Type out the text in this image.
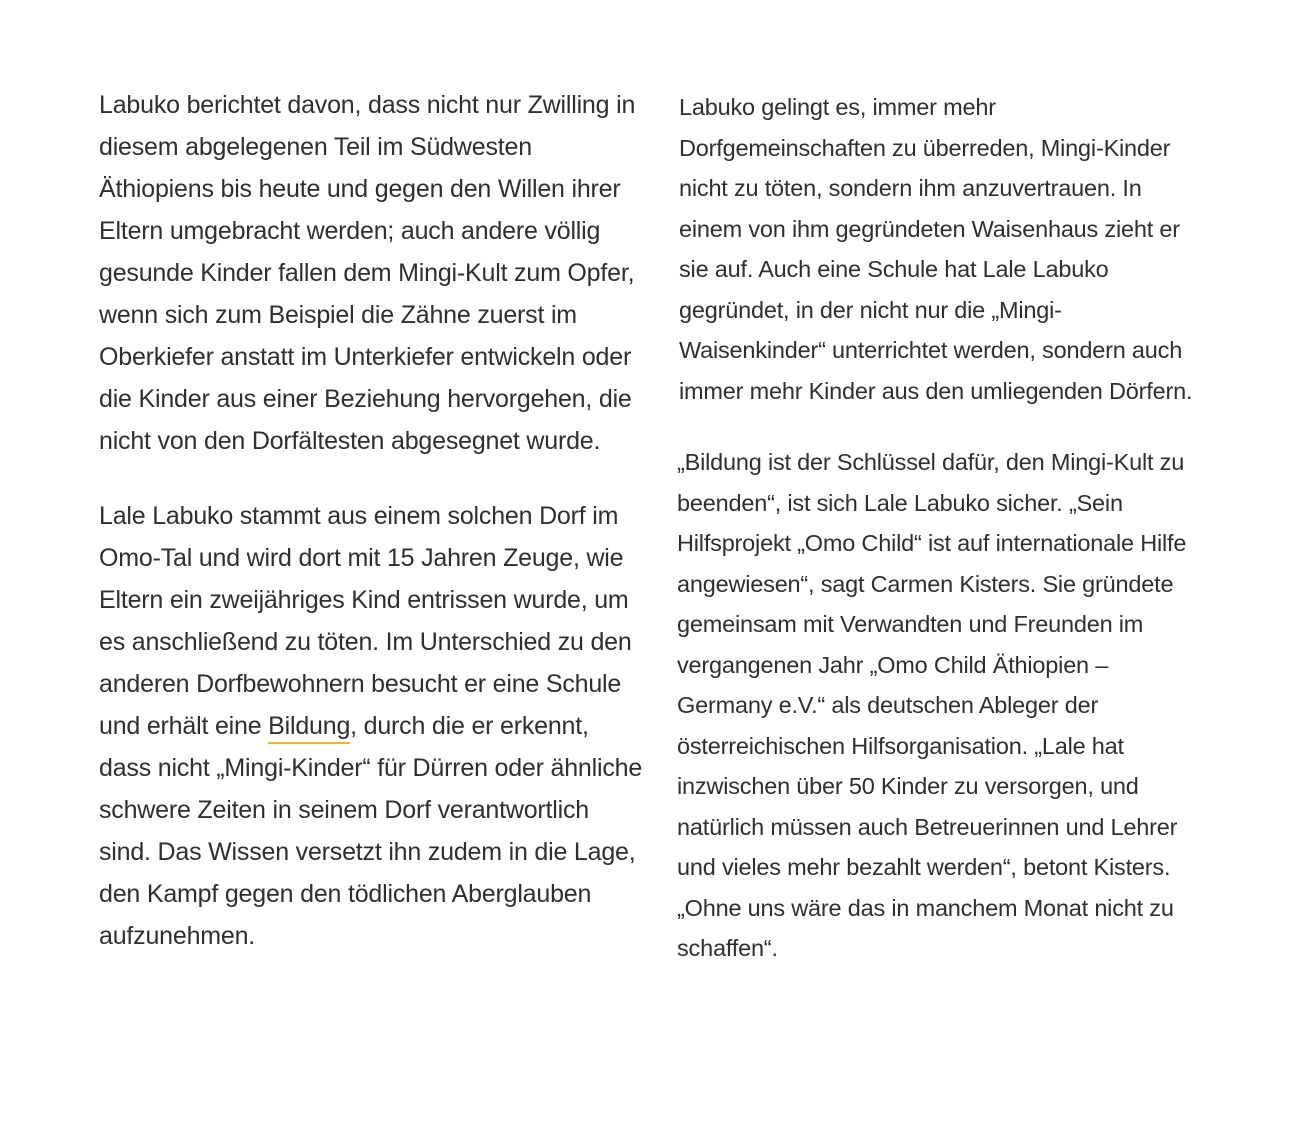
Labuko berichtet davon, dass nicht nur Zwilling in diesem abgelegenen Teil im Südwesten Äthiopiens bis heute und gegen den Willen ihrer Eltern umgebracht werden; auch andere völlig gesunde Kinder fallen dem Mingi-Kult zum Opfer, wenn sich zum Beispiel die Zähne zuerst im Oberkiefer anstatt im Unterkiefer entwickeln oder die Kinder aus einer Beziehung hervorgehen, die nicht von den Dorfältesten abgesegnet wurde.

Lale Labuko stammt aus einem solchen Dorf im Omo-Tal und wird dort mit 15 Jahren Zeuge, wie Eltern ein zweijähriges Kind entrissen wurde, um es anschließend zu töten. Im Unterschied zu den anderen Dorfbewohnern besucht er eine Schule und erhält eine Bildung, durch die er erkennt, dass nicht „Mingi-Kinder“ für Dürren oder ähnliche schwere Zeiten in seinem Dorf verantwortlich sind. Das Wissen versetzt ihn zudem in die Lage, den Kampf gegen den tödlichen Aberglauben aufzunehmen.

Labuko gelingt es, immer mehr Dorfgemeinschaften zu überreden, Mingi-Kinder nicht zu töten, sondern ihm anzuvertrauen. In einem von ihm gegründeten Waisenhaus zieht er sie auf. Auch eine Schule hat Lale Labuko gegründet, in der nicht nur die „Mingi-Waisenkinder“ unterrichtet werden, sondern auch immer mehr Kinder aus den umliegenden Dörfern.

„Bildung ist der Schlüssel dafür, den Mingi-Kult zu beenden“, ist sich Lale Labuko sicher. „Sein Hilfsprojekt „Omo Child“ ist auf internationale Hilfe angewiesen“, sagt Carmen Kisters. Sie gründete gemeinsam mit Verwandten und Freunden im vergangenen Jahr „Omo Child Äthiopien – Germany e.V.“ als deutschen Ableger der österreichischen Hilfsorganisation. „Lale hat inzwischen über 50 Kinder zu versorgen, und natürlich müssen auch Betreuerinnen und Lehrer und vieles mehr bezahlt werden“, betont Kisters. „Ohne uns wäre das in manchem Monat nicht zu schaffen“.
